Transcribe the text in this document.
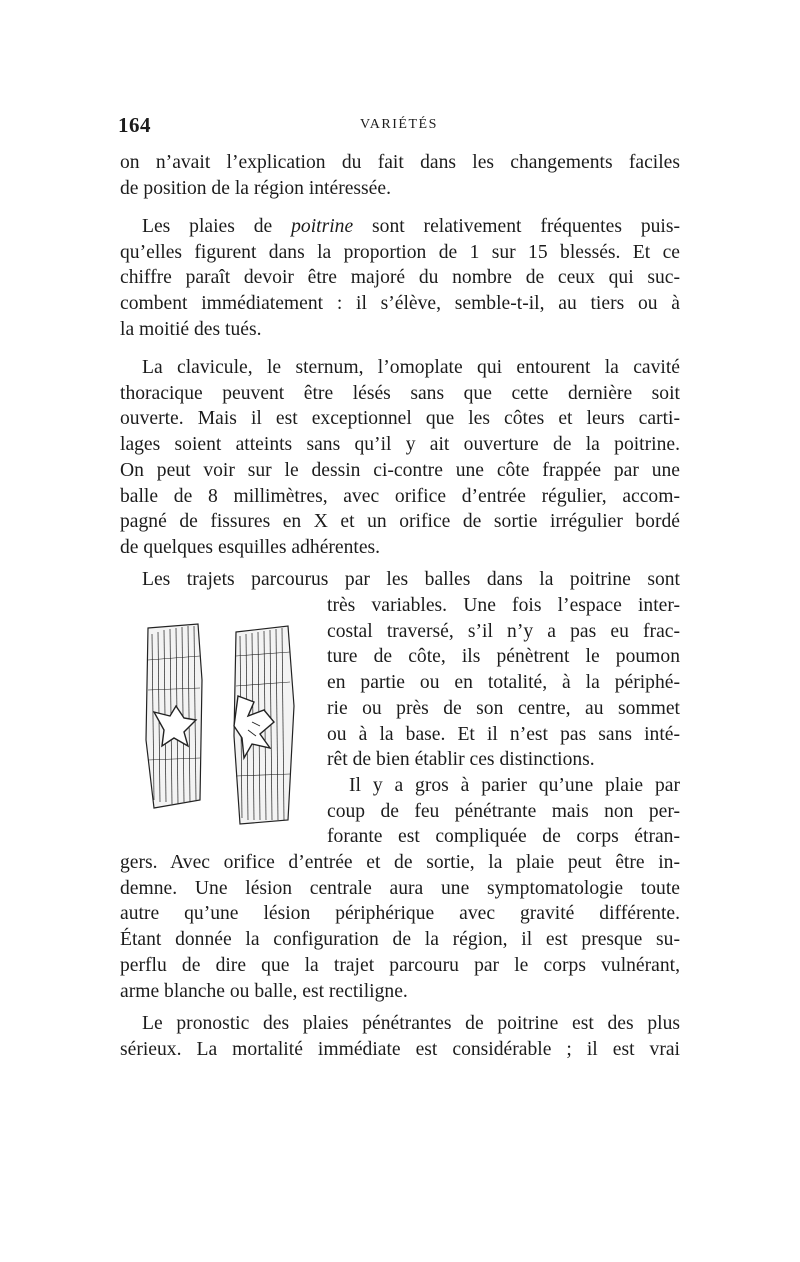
164	VARIÉTÉS
on n’avait l’explication du fait dans les changements faciles
de position de la région intéressée.
Les plaies de poitrine sont relativement fréquentes puis-
qu’elles figurent dans la proportion de 1 sur 15 blessés. Et ce
chiffre paraît devoir être majoré du nombre de ceux qui suc-
combent immédiatement : il s’élève, semble-t-il, au tiers ou à
la moitié des tués.
La clavicule, le sternum, l’omoplate qui entourent la cavité
thoracique peuvent être lésés sans que cette dernière soit
ouverte. Mais il est exceptionnel que les côtes et leurs carti-
lages soient atteints sans qu’il y ait ouverture de la poitrine.
On peut voir sur le dessin ci-contre une côte frappée par une
balle de 8 millimètres, avec orifice d’entrée régulier, accom-
pagné de fissures en X et un orifice de sortie irrégulier bordé
de quelques esquilles adhérentes.
Les trajets parcourus par les balles dans la poitrine sont
très variables. Une fois l’espace inter-
costal traversé, s’il n’y a pas eu frac-
ture de côte, ils pénètrent le poumon
en partie ou en totalité, à la périphé-
rie ou près de son centre, au sommet
ou à la base. Et il n’est pas sans inté-
rêt de bien établir ces distinctions.
Il y a gros à parier qu’une plaie par
coup de feu pénétrante mais non per-
forante est compliquée de corps étran-
gers. Avec orifice d’entrée et de sortie, la plaie peut être in-
demne. Une lésion centrale aura une symptomatologie toute
autre qu’une lésion périphérique avec gravité différente.
Étant donnée la configuration de la région, il est presque su-
perflu de dire que la trajet parcouru par le corps vulnérant,
arme blanche ou balle, est rectiligne.
Le pronostic des plaies pénétrantes de poitrine est des plus
sérieux. La mortalité immédiate est considérable ; il est vrai
